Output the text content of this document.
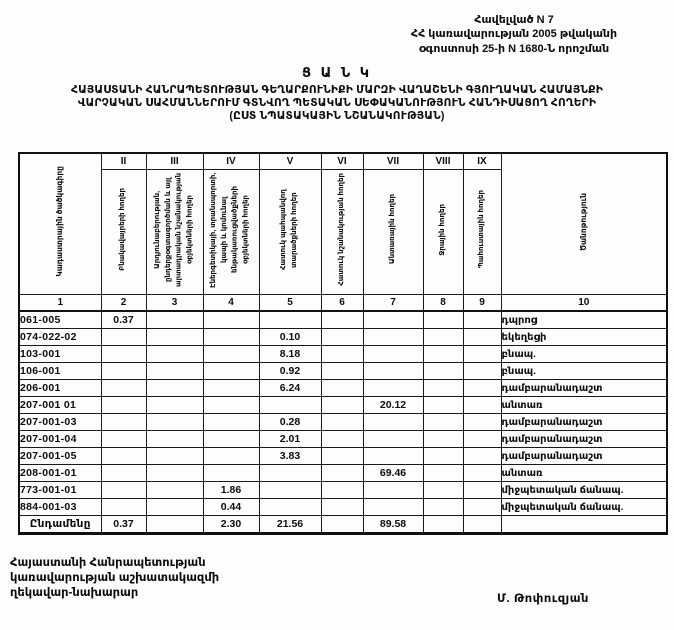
Հավելված N 7
ՀՀ կառավարության 2005 թվականի
օգոստոսի 25-ի N 1680-Ն որոշման
Ց Ա Ն Կ
ՀԱՅԱՍՏԱՆԻ ՀԱՆՐԱՊԵՏՈՒԹՅԱՆ ԳԵՂԱՐՔՈՒՆԻՔԻ ՄԱՐԶԻ ՎԱՂԱՇԵՆԻ ԳՅՈՒՂԱԿԱՆ ՀԱՄԱՅՆՔԻ
ՎԱՐՉԱԿԱՆ ՍԱՀՄԱՆՆԵՐՈՒՄ ԳՏՆՎՈՂ ՊԵՏԱԿԱՆ ՍԵՓԱԿԱՆՈՒԹՅՈՒՆ ՀԱՆԴԻՍԱՑՈՂ ՀՈՂԵՐԻ
(ԸՍՏ ՆՊԱՏԱԿԱՅԻՆ ՆՇԱՆԱԿՈՒԹՅԱՆ)
Կադաստրային ծածկագիրը	II	III	IV	V	VI	VII	VIII	IX	Ծանոթություն
	Բնակավայրերի հողեր	Արդյունաբերության, ընդերքօգտագործման և այլ արտադրական նշանակության օբյեկտների հողեր	Էներգետիկայի, տրանսպորտի, կապի և կոմունալ ենթակառուցվածքների օբյեկտների հողեր	Հատուկ պահպանվող տարածքների հողեր	Հատուկ նշանակության հողեր	Անտառային հողեր	Ջրային հողեր	Պահուստային հողեր	
1	2	3	4	5	6	7	8	9	10
061-005	0.37								դպրոց
074-022-02				0.10					եկեղեցի
103-001				8.18					բնապ.
106-001				0.92					բնապ.
206-001				6.24					դամբարանադաշտ
207-001 01						20.12			անտառ
207-001-03				0.28					դամբարանադաշտ
207-001-04				2.01					դամբարանադաշտ
207-001-05				3.83					դամբարանադաշտ
208-001-01						69.46			անտառ
773-001-01			1.86						միջպետական ճանապ.
884-001-03			0.44						միջպետական ճանապ.
Ընդամենը	0.37		2.30	21.56		89.58			
Հայաստանի Հանրապետության
կառավարության աշխատակազմի
ղեկավար-նախարար
Մ. Թոփուզյան
